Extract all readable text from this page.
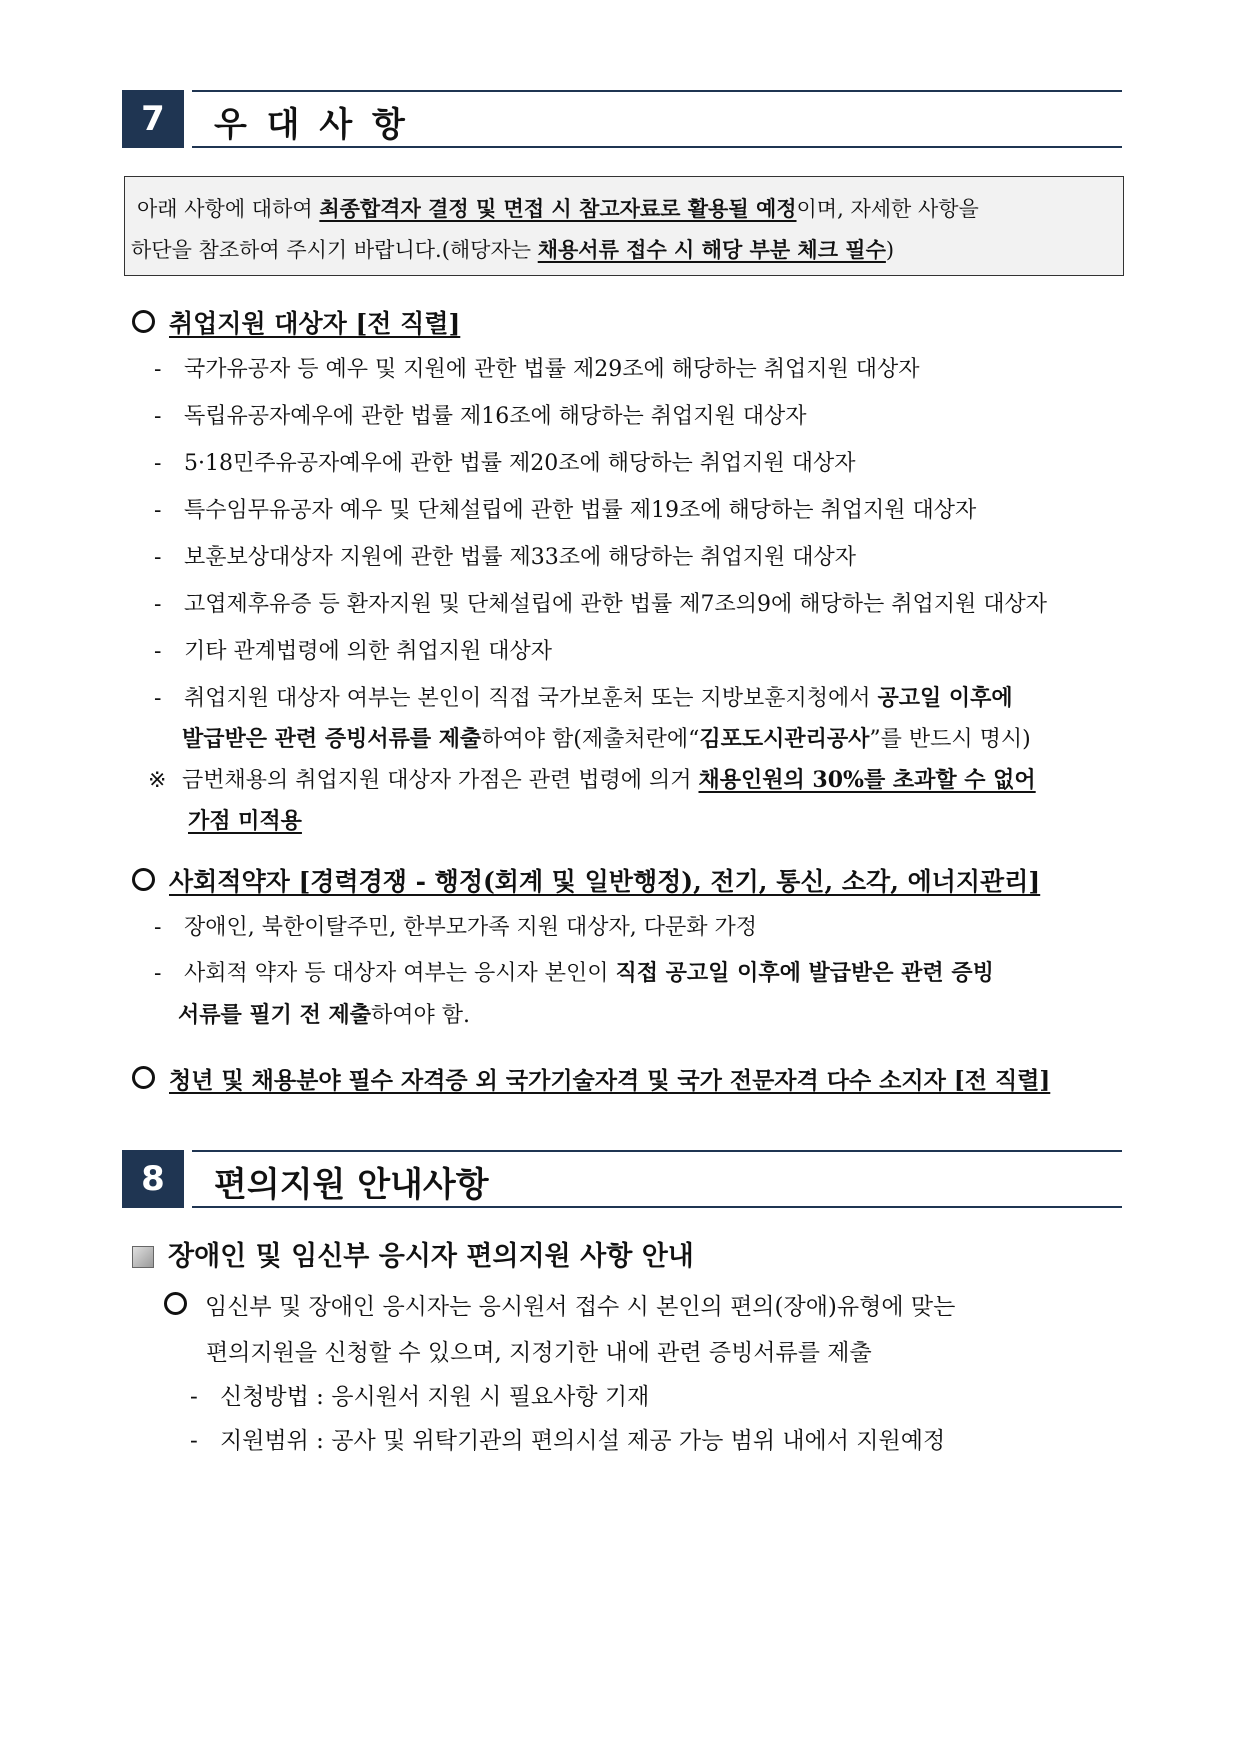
7	우 대 사 항
아래 사항에 대하여 최종합격자 결정 및 면접 시 참고자료로 활용될 예정이며, 자세한 사항을
하단을 참조하여 주시기 바랍니다.(해당자는 채용서류 접수 시 해당 부분 체크 필수)
취업지원 대상자 [전 직렬]
- 국가유공자 등 예우 및 지원에 관한 법률 제29조에 해당하는 취업지원 대상자
- 독립유공자예우에 관한 법률 제16조에 해당하는 취업지원 대상자
- 5·18민주유공자예우에 관한 법률 제20조에 해당하는 취업지원 대상자
- 특수임무유공자 예우 및 단체설립에 관한 법률 제19조에 해당하는 취업지원 대상자
- 보훈보상대상자 지원에 관한 법률 제33조에 해당하는 취업지원 대상자
- 고엽제후유증 등 환자지원 및 단체설립에 관한 법률 제7조의9에 해당하는 취업지원 대상자
- 기타 관계법령에 의한 취업지원 대상자
- 취업지원 대상자 여부는 본인이 직접 국가보훈처 또는 지방보훈지청에서 공고일 이후에
발급받은 관련 증빙서류를 제출하여야 함(제출처란에“김포도시관리공사”를 반드시 명시)
※ 금번채용의 취업지원 대상자 가점은 관련 법령에 의거 채용인원의 30%를 초과할 수 없어
가점 미적용
사회적약자 [경력경쟁 - 행정(회계 및 일반행정), 전기, 통신, 소각, 에너지관리]
- 장애인, 북한이탈주민, 한부모가족 지원 대상자, 다문화 가정
- 사회적 약자 등 대상자 여부는 응시자 본인이 직접 공고일 이후에 발급받은 관련 증빙
서류를 필기 전 제출하여야 함.
청년 및 채용분야 필수 자격증 외 국가기술자격 및 국가 전문자격 다수 소지자 [전 직렬]
8	편의지원 안내사항
장애인 및 임신부 응시자 편의지원 사항 안내
임신부 및 장애인 응시자는 응시원서 접수 시 본인의 편의(장애)유형에 맞는
편의지원을 신청할 수 있으며, 지정기한 내에 관련 증빙서류를 제출
- 신청방법 : 응시원서 지원 시 필요사항 기재
- 지원범위 : 공사 및 위탁기관의 편의시설 제공 가능 범위 내에서 지원예정
